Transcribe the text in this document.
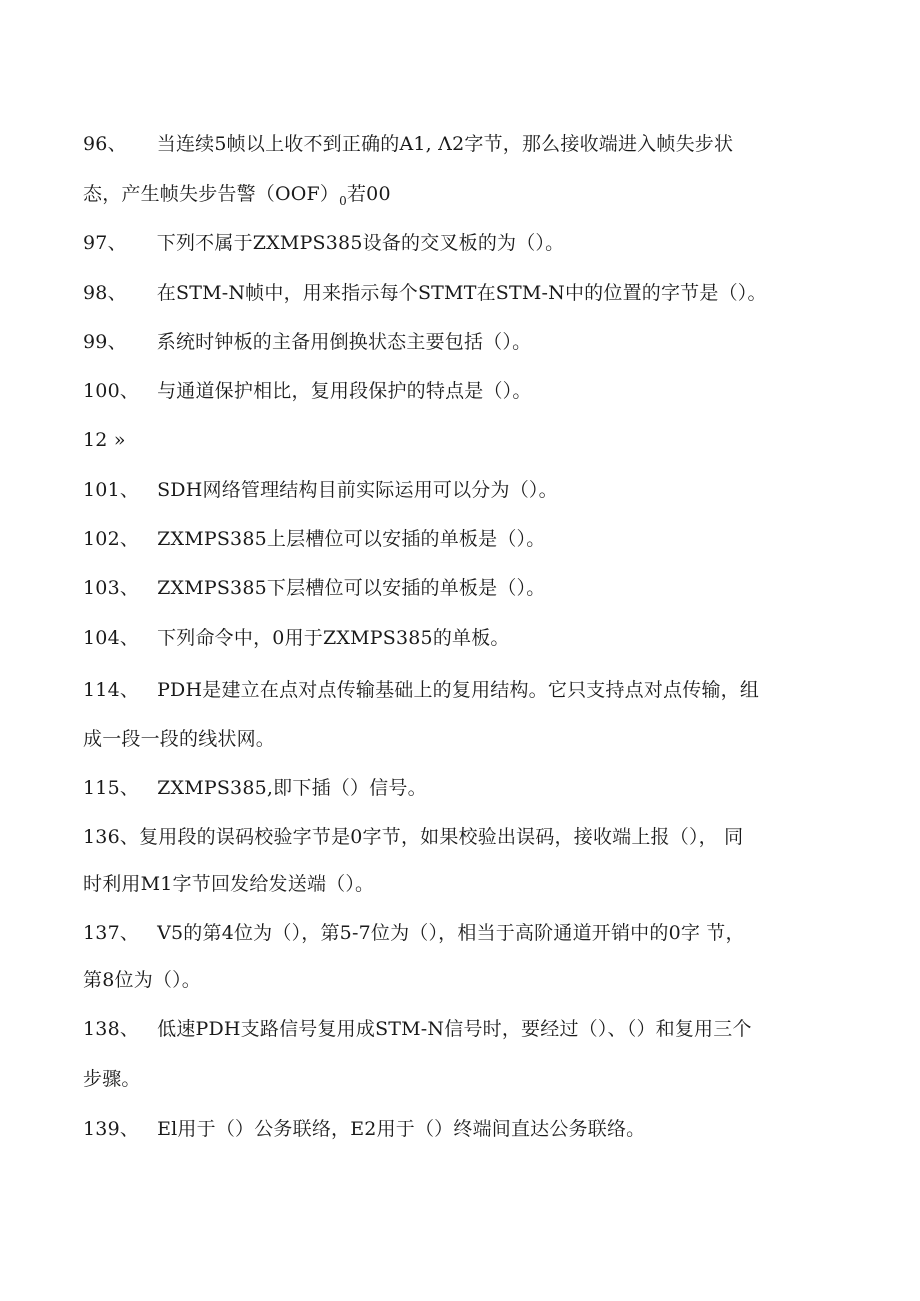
96、 当连续5帧以上收不到正确的A1, Λ2字节，那么接收端进入帧失步状
态，产生帧失步告警$(OOF)_0$若00
97、 下列不属于ZXMPS385设备的交叉板的为（）。
98、 在STM-N帧中，用来指示每个STMT在STM-N中的位置的字节是（）。
99、 系统时钟板的主备用倒换状态主要包括（）。
100、 与通道保护相比，复用段保护的特点是（）。
12 »
101、 SDH网络管理结构目前实际运用可以分为（）。
102、 ZXMPS385上层槽位可以安插的单板是（）。
103、 ZXMPS385下层槽位可以安插的单板是（）。
104、 下列命令中，0用于ZXMPS385的单板。
114、 PDH是建立在点对点传输基础上的复用结构。它只支持点对点传输，组
成一段一段的线状网。
115、 ZXMPS385,即下插（）信号。
136、复用段的误码校验字节是0字节，如果校验出误码，接收端上报（）， 同
时利用M1字节回发给发送端（）。
137、 V5的第4位为（），第5-7位为（），相当于高阶通道开销中的0字 节，
第8位为（）。
138、 低速PDH支路信号复用成STM-N信号时，要经过（）、（）和复用三个
步骤。
139、 El用于（）公务联络，E2用于（）终端间直达公务联络。
